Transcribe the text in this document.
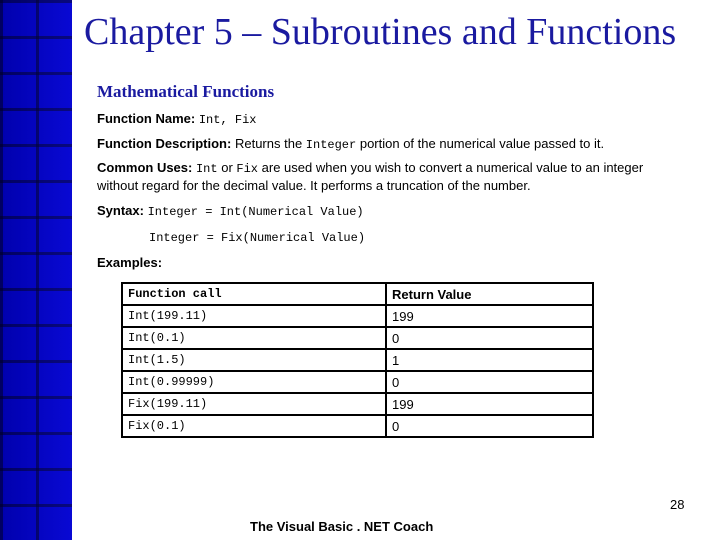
Chapter 5 – Subroutines and Functions
Mathematical Functions
Function Name: Int, Fix
Function Description: Returns the Integer portion of the numerical value passed to it.
Common Uses: Int or Fix are used when you wish to convert a numerical value to an integer
without regard for the decimal value. It performs a truncation of the number.
Syntax: Integer = Int(Numerical Value)
Integer = Fix(Numerical Value)
Examples:
Function call	Return Value
Int(199.11)	199
Int(0.1)	0
Int(1.5)	1
Int(0.99999)	0
Fix(199.11)	199
Fix(0.1)	0
28
The Visual Basic . NET Coach
